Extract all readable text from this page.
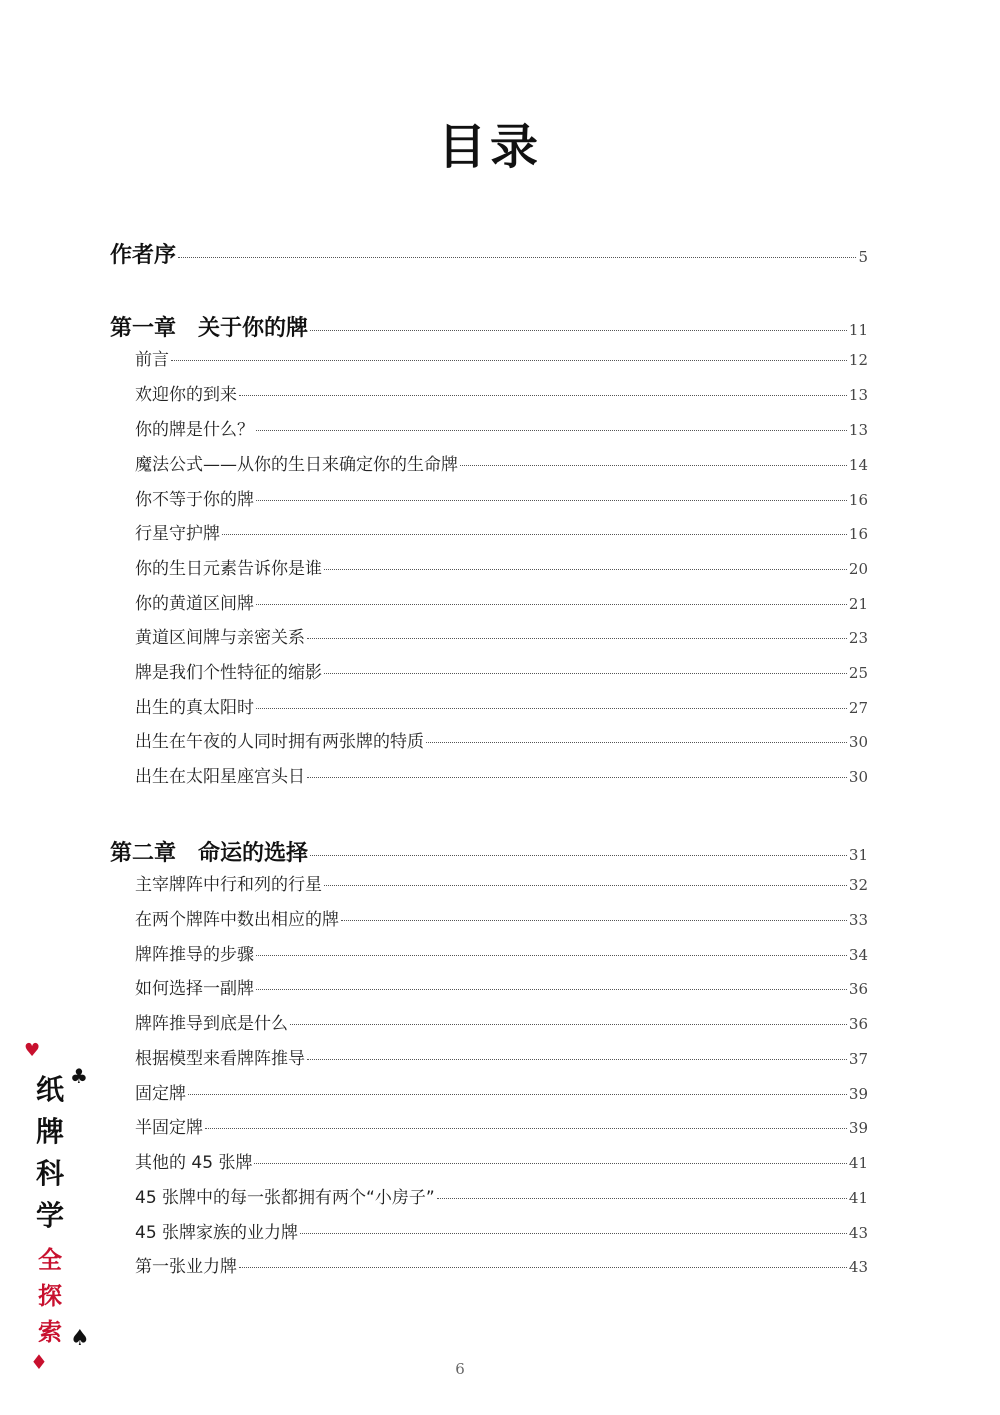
目录
作者序	5
第一章　关于你的牌	11
前言	12
欢迎你的到来	13
你的牌是什么？	13
魔法公式——从你的生日来确定你的生命牌	14
你不等于你的牌	16
行星守护牌	16
你的生日元素告诉你是谁	20
你的黄道区间牌	21
黄道区间牌与亲密关系	23
牌是我们个性特征的缩影	25
出生的真太阳时	27
出生在午夜的人同时拥有两张牌的特质	30
出生在太阳星座宫头日	30
第二章　命运的选择	31
主宰牌阵中行和列的行星	32
在两个牌阵中数出相应的牌	33
牌阵推导的步骤	34
如何选择一副牌	36
牌阵推导到底是什么	36
根据模型来看牌阵推导	37
固定牌	39
半固定牌	39
其他的 45 张牌	41
45 张牌中的每一张都拥有两个“小房子”	41
45 张牌家族的业力牌	43
第一张业力牌	43
♥
♣
纸
牌
科
学
全
探
索 ♠
♦	6
